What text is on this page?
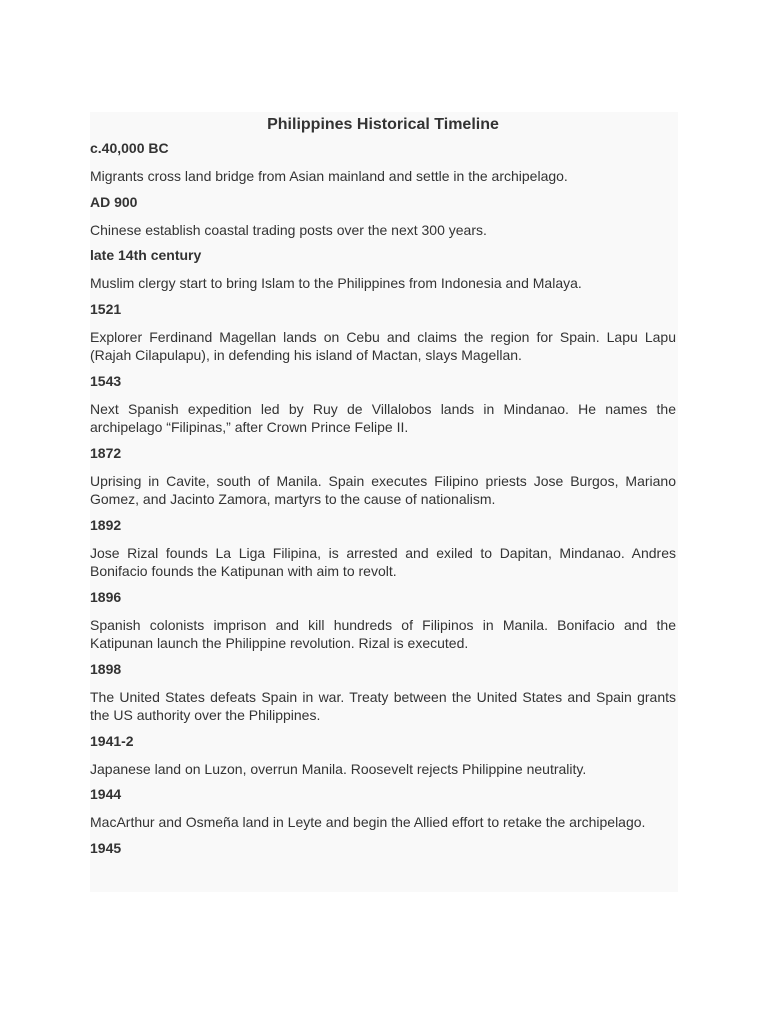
Philippines Historical Timeline

c.40,000 BC

Migrants cross land bridge from Asian mainland and settle in the archipelago.

AD 900

Chinese establish coastal trading posts over the next 300 years.

late 14th century

Muslim clergy start to bring Islam to the Philippines from Indonesia and Malaya.

1521

Explorer Ferdinand Magellan lands on Cebu and claims the region for Spain. Lapu Lapu (Rajah Cilapulapu), in defending his island of Mactan, slays Magellan.

1543

Next Spanish expedition led by Ruy de Villalobos lands in Mindanao. He names the archipelago “Filipinas,” after Crown Prince Felipe II.

1872

Uprising in Cavite, south of Manila. Spain executes Filipino priests Jose Burgos, Mariano Gomez, and Jacinto Zamora, martyrs to the cause of nationalism.

1892

Jose Rizal founds La Liga Filipina, is arrested and exiled to Dapitan, Mindanao. Andres Bonifacio founds the Katipunan with aim to revolt.

1896

Spanish colonists imprison and kill hundreds of Filipinos in Manila. Bonifacio and the Katipunan launch the Philippine revolution. Rizal is executed.

1898

The United States defeats Spain in war. Treaty between the United States and Spain grants the US authority over the Philippines.

1941-2

Japanese land on Luzon, overrun Manila. Roosevelt rejects Philippine neutrality.

1944

MacArthur and Osmeña land in Leyte and begin the Allied effort to retake the archipelago.

1945
